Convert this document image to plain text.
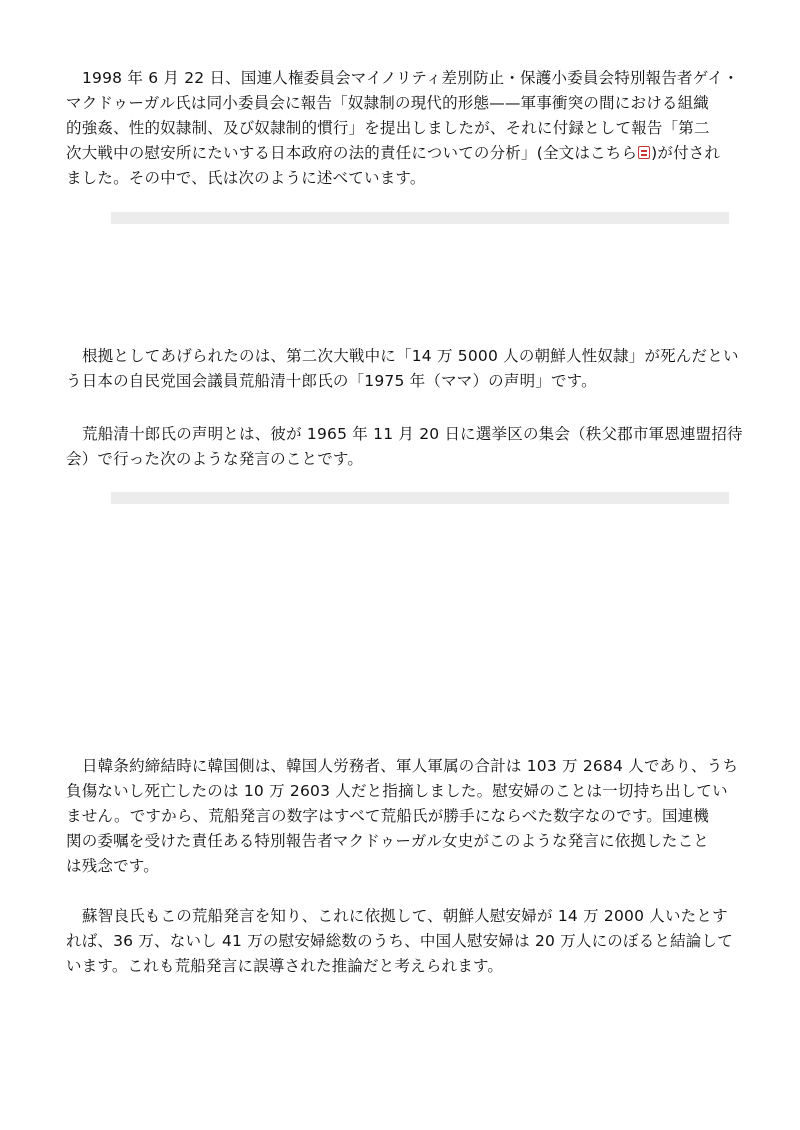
1998 年 6 月 22 日、国連人権委員会マイノリティ差別防止・保護小委員会特別報告者ゲイ・
マクドゥーガル氏は同小委員会に報告「奴隷制の現代的形態——軍事衝突の間における組織
的強姦、性的奴隷制、及び奴隷制的慣行」を提出しましたが、それに付録として報告「第二
次大戦中の慰安所にたいする日本政府の法的責任についての分析」(全文はこちら )が付され
ました。その中で、氏は次のように述べています。

根拠としてあげられたのは、第二次大戦中に「14 万 5000 人の朝鮮人性奴隷」が死んだとい
う日本の自民党国会議員荒船清十郎氏の「1975 年（ママ）の声明」です。

荒船清十郎氏の声明とは、彼が 1965 年 11 月 20 日に選挙区の集会（秩父郡市軍恩連盟招待
会）で行った次のような発言のことです。

日韓条約締結時に韓国側は、韓国人労務者、軍人軍属の合計は 103 万 2684 人であり、うち
負傷ないし死亡したのは 10 万 2603 人だと指摘しました。慰安婦のことは一切持ち出してい
ません。ですから、荒船発言の数字はすべて荒船氏が勝手にならべた数字なのです。国連機
関の委嘱を受けた責任ある特別報告者マクドゥーガル女史がこのような発言に依拠したこと
は残念です。

蘇智良氏もこの荒船発言を知り、これに依拠して、朝鮮人慰安婦が 14 万 2000 人いたとす
れば、36 万、ないし 41 万の慰安婦総数のうち、中国人慰安婦は 20 万人にのぼると結論して
います。これも荒船発言に誤導された推論だと考えられます。
